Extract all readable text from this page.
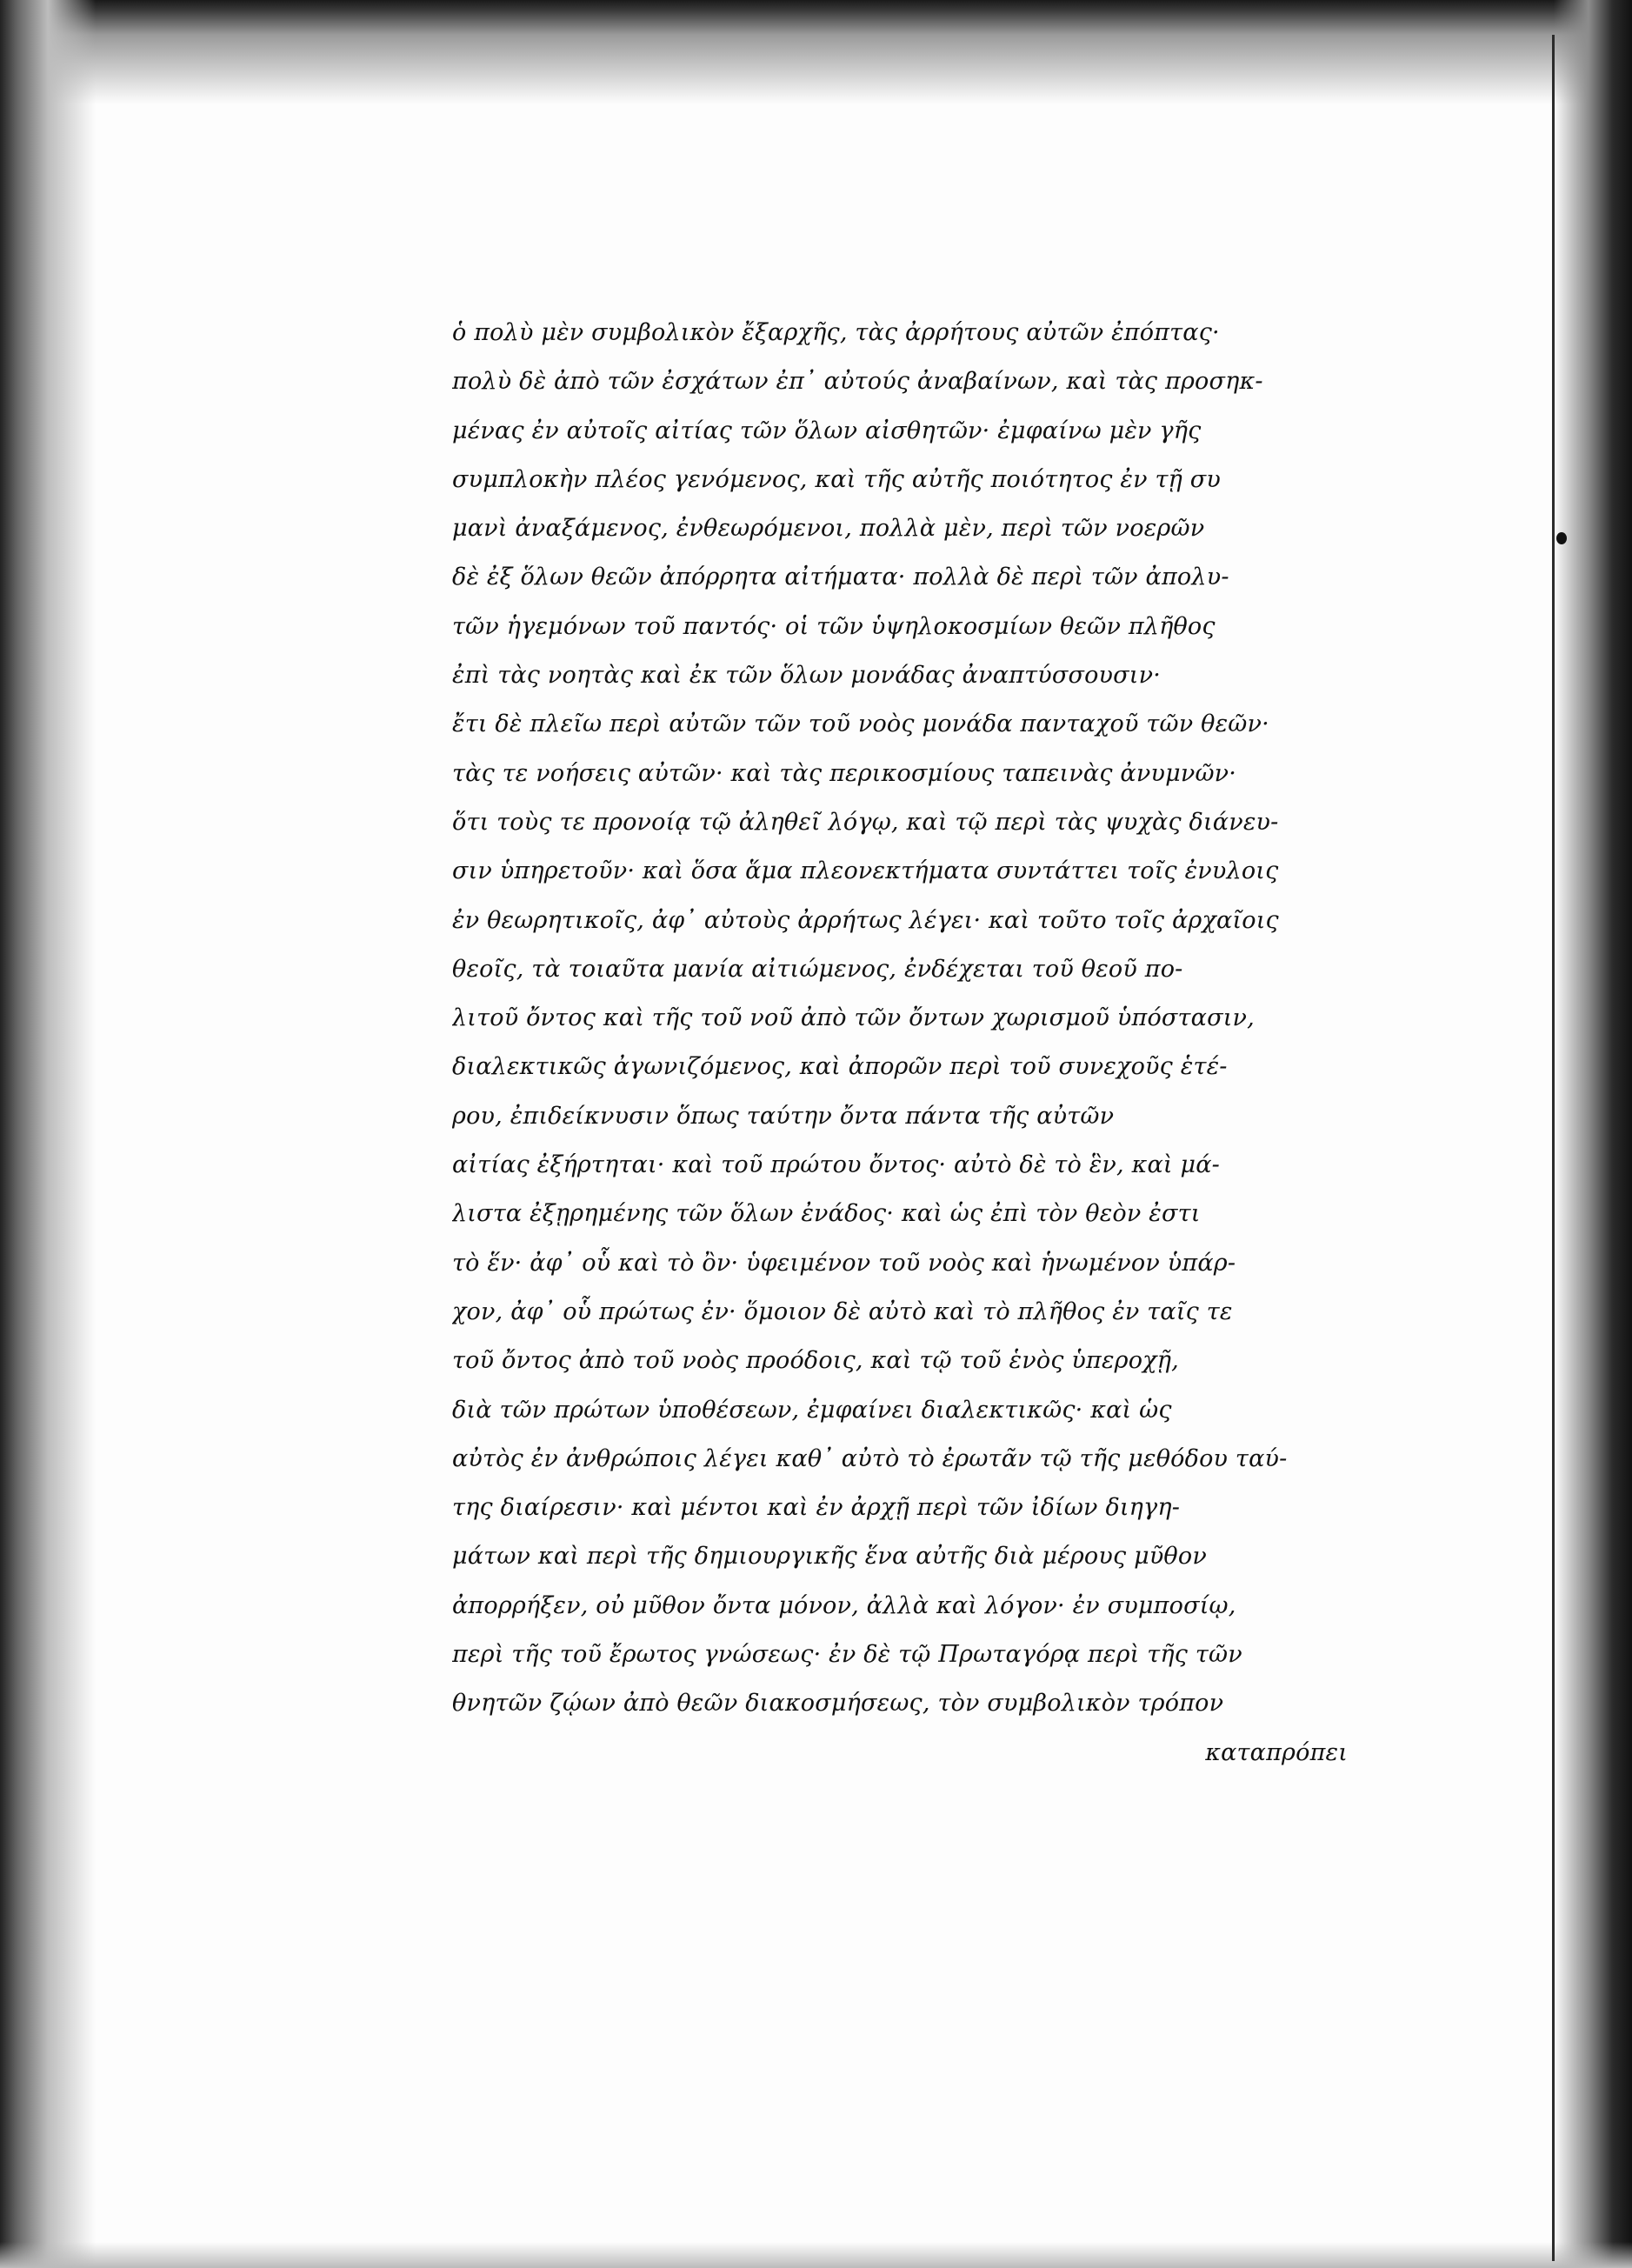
ὁ πολὺ μὲν συμβολικὸν ἔξαρχῆς, τὰς ἀρρήτους αὐτῶν ἐπόπτας·
πολὺ δὲ ἀπὸ τῶν ἐσχάτων ἐπ᾿ αὐτούς ἀναβαίνων, καὶ τὰς προσηκ-
μένας ἐν αὐτοῖς αἰτίας τῶν ὅλων αἰσθητῶν· ἐμφαίνω μὲν γῆς
συμπλοκὴν πλέος γενόμενος, καὶ τῆς αὐτῆς ποιότητος ἐν τῇ συ
μανὶ ἀναξάμενος, ἐνθεωρόμενοι, πολλὰ μὲν, περὶ τῶν νοερῶν
δὲ ἐξ ὅλων θεῶν ἀπόρρητα αἰτήματα· πολλὰ δὲ περὶ τῶν ἀπολυ-
τῶν ἡγεμόνων τοῦ παντός· οἱ τῶν ὑψηλοκοσμίων θεῶν πλῆθος
ἐπὶ τὰς νοητὰς καὶ ἐκ τῶν ὅλων μονάδας ἀναπτύσσουσιν·
ἔτι δὲ πλεῖω περὶ αὐτῶν τῶν τοῦ νοὸς μονάδα πανταχοῦ τῶν θεῶν·
τὰς τε νοήσεις αὐτῶν· καὶ τὰς περικοσμίους ταπεινὰς ἀνυμνῶν·
ὅτι τοὺς τε προνοίᾳ τῷ ἀληθεῖ λόγῳ, καὶ τῷ περὶ τὰς ψυχὰς διάνευ-
σιν ὑπηρετοῦν· καὶ ὅσα ἅμα πλεονεκτήματα συντάττει τοῖς ἐνυλοις
ἐν θεωρητικοῖς, ἀφ᾿ αὐτοὺς ἀρρήτως λέγει· καὶ τοῦτο τοῖς ἀρχαῖοις
θεοῖς, τὰ τοιαῦτα μανία αἰτιώμενος, ἐνδέχεται τοῦ θεοῦ πο-
λιτοῦ ὄντος καὶ τῆς τοῦ νοῦ ἀπὸ τῶν ὄντων χωρισμοῦ ὑπόστασιν,
διαλεκτικῶς ἀγωνιζόμενος, καὶ ἀπορῶν περὶ τοῦ συνεχοῦς ἑτέ-
ρου, ἐπιδείκνυσιν ὅπως ταύτην ὄντα πάντα τῆς αὐτῶν
αἰτίας ἐξήρτηται· καὶ τοῦ πρώτου ὄντος· αὐτὸ δὲ τὸ ἓν, καὶ μά-
λιστα ἐξῃρημένης τῶν ὅλων ἐνάδος· καὶ ὡς ἐπὶ τὸν θεὸν ἐστι
τὸ ἕν· ἀφ᾿ οὗ καὶ τὸ ὂν· ὑφειμένον τοῦ νοὸς καὶ ἡνωμένον ὑπάρ-
χον, ἀφ᾿ οὗ πρώτως ἐν· ὅμοιον δὲ αὐτὸ καὶ τὸ πλῆθος ἐν ταῖς τε
τοῦ ὄντος ἀπὸ τοῦ νοὸς προόδοις, καὶ τῷ τοῦ ἑνὸς ὑπεροχῇ,
διὰ τῶν πρώτων ὑποθέσεων, ἐμφαίνει διαλεκτικῶς· καὶ ὡς
αὐτὸς ἐν ἀνθρώποις λέγει καθ᾿ αὐτὸ τὸ ἐρωτᾶν τῷ τῆς μεθόδου ταύ-
της διαίρεσιν· καὶ μέντοι καὶ ἐν ἀρχῇ περὶ τῶν ἰδίων διηγη-
μάτων καὶ περὶ τῆς δημιουργικῆς ἕνα αὐτῆς διὰ μέρους μῦθον
ἀπορρήξεν, οὐ μῦθον ὄντα μόνον, ἀλλὰ καὶ λόγον· ἐν συμποσίῳ,
περὶ τῆς τοῦ ἔρωτος γνώσεως· ἐν δὲ τῷ Πρωταγόρᾳ περὶ τῆς τῶν
θνητῶν ζῴων ἀπὸ θεῶν διακοσμήσεως, τὸν συμβολικὸν τρόπον
καταπρόπει
